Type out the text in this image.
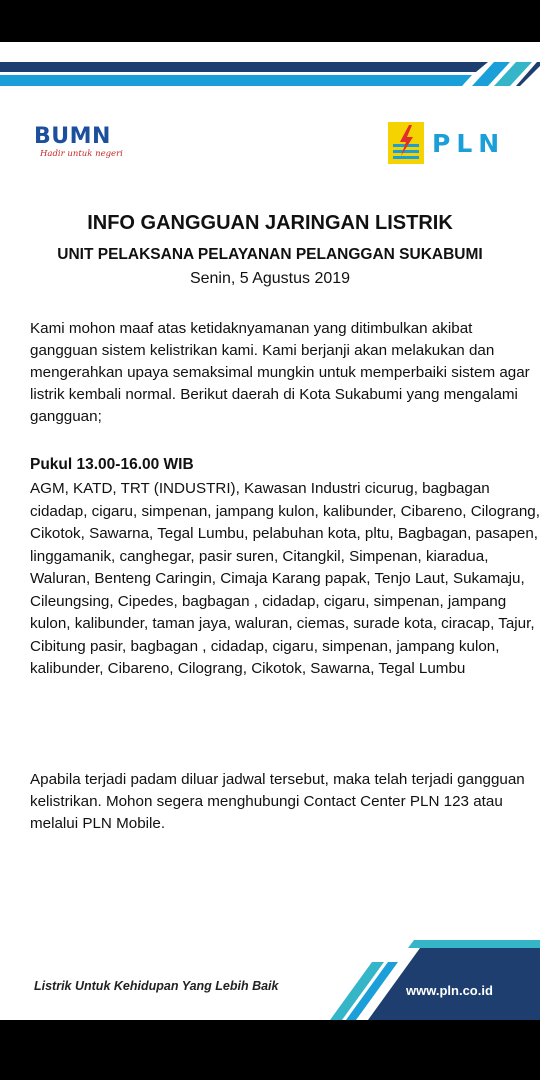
BUMN
Hadir untuk negeri	PLN
INFO GANGGUAN JARINGAN LISTRIK
UNIT PELAKSANA PELAYANAN PELANGGAN SUKABUMI
Senin, 5 Agustus 2019
Kami mohon maaf atas ketidaknyamanan yang ditimbulkan akibat gangguan sistem kelistrikan kami. Kami berjanji akan melakukan dan mengerahkan upaya semaksimal mungkin untuk memperbaiki sistem agar listrik kembali normal. Berikut daerah di Kota Sukabumi yang mengalami gangguan;
Pukul 13.00-16.00 WIB
AGM, KATD, TRT (INDUSTRI), Kawasan Industri cicurug, bagbagan cidadap, cigaru, simpenan, jampang kulon, kalibunder, Cibareno, Cilograng, Cikotok, Sawarna, Tegal Lumbu, pelabuhan kota, pltu, Bagbagan, pasapen, linggamanik, canghegar, pasir suren, Citangkil, Simpenan, kiaradua, Waluran, Benteng Caringin, Cimaja Karang papak, Tenjo Laut, Sukamaju, Cileungsing, Cipedes, bagbagan , cidadap, cigaru, simpenan, jampang kulon, kalibunder, taman jaya, waluran, ciemas, surade kota, ciracap, Tajur, Cibitung pasir, bagbagan , cidadap, cigaru, simpenan, jampang kulon, kalibunder, Cibareno, Cilograng, Cikotok, Sawarna, Tegal Lumbu
Apabila terjadi padam diluar jadwal tersebut, maka telah terjadi gangguan kelistrikan. Mohon segera menghubungi Contact Center PLN 123 atau melalui PLN Mobile.
Listrik Untuk Kehidupan Yang Lebih Baik	www.pln.co.id
